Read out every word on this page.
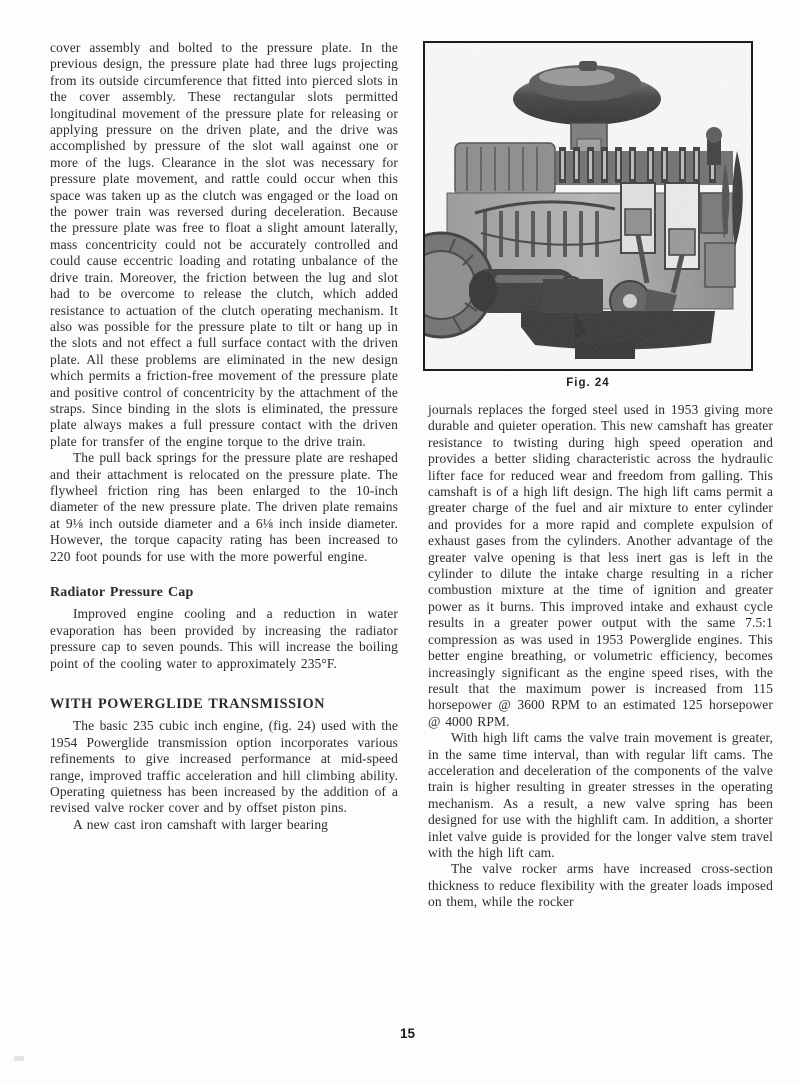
cover assembly and bolted to the pressure plate. In the previous design, the pressure plate had three lugs projecting from its outside circumference that fitted into pierced slots in the cover assembly. These rectangular slots permitted longitudinal movement of the pressure plate for releasing or applying pressure on the driven plate, and the drive was accomplished by pressure of the slot wall against one or more of the lugs. Clearance in the slot was necessary for pressure plate movement, and rattle could occur when this space was taken up as the clutch was engaged or the load on the power train was reversed during deceleration. Because the pressure plate was free to float a slight amount laterally, mass concentricity could not be accurately controlled and could cause eccentric loading and rotating unbalance of the drive train. Moreover, the friction between the lug and slot had to be overcome to release the clutch, which added resistance to actuation of the clutch operating mechanism. It also was possible for the pressure plate to tilt or hang up in the slots and not effect a full surface contact with the driven plate. All these problems are eliminated in the new design which permits a friction-free movement of the pressure plate and positive control of concentricity by the attachment of the straps. Since binding in the slots is eliminated, the pressure plate always makes a full pressure contact with the driven plate for transfer of the engine torque to the drive train.

The pull back springs for the pressure plate are reshaped and their attachment is relocated on the pressure plate. The flywheel friction ring has been enlarged to the 10-inch diameter of the new pressure plate. The driven plate remains at 9⅛ inch outside diameter and a 6⅛ inch inside diameter. However, the torque capacity rating has been increased to 220 foot pounds for use with the more powerful engine.

Radiator Pressure Cap

Improved engine cooling and a reduction in water evaporation has been provided by increasing the radiator pressure cap to seven pounds. This will increase the boiling point of the cooling water to approximately 235°F.

WITH POWERGLIDE TRANSMISSION

The basic 235 cubic inch engine, (fig. 24) used with the 1954 Powerglide transmission option incorporates various refinements to give increased performance at mid-speed range, improved traffic acceleration and hill climbing ability. Operating quietness has been increased by the addition of a revised valve rocker cover and by offset piston pins.

A new cast iron camshaft with larger bearing

Fig. 24

journals replaces the forged steel used in 1953 giving more durable and quieter operation. This new camshaft has greater resistance to twisting during high speed operation and provides a better sliding characteristic across the hydraulic lifter face for reduced wear and freedom from galling. This camshaft is of a high lift design. The high lift cams permit a greater charge of the fuel and air mixture to enter cylinder and provides for a more rapid and complete expulsion of exhaust gases from the cylinders. Another advantage of the greater valve opening is that less inert gas is left in the cylinder to dilute the intake charge resulting in a richer combustion mixture at the time of ignition and greater power as it burns. This improved intake and exhaust cycle results in a greater power output with the same 7.5:1 compression as was used in 1953 Powerglide engines. This better engine breathing, or volumetric efficiency, becomes increasingly significant as the engine speed rises, with the result that the maximum power is increased from 115 horsepower @ 3600 RPM to an estimated 125 horsepower @ 4000 RPM.

With high lift cams the valve train movement is greater, in the same time interval, than with regular lift cams. The acceleration and deceleration of the components of the valve train is higher resulting in greater stresses in the operating mechanism. As a result, a new valve spring has been designed for use with the highlift cam. In addition, a shorter inlet valve guide is provided for the longer valve stem travel with the high lift cam.

The valve rocker arms have increased cross-section thickness to reduce flexibility with the greater loads imposed on them, while the rocker

15
